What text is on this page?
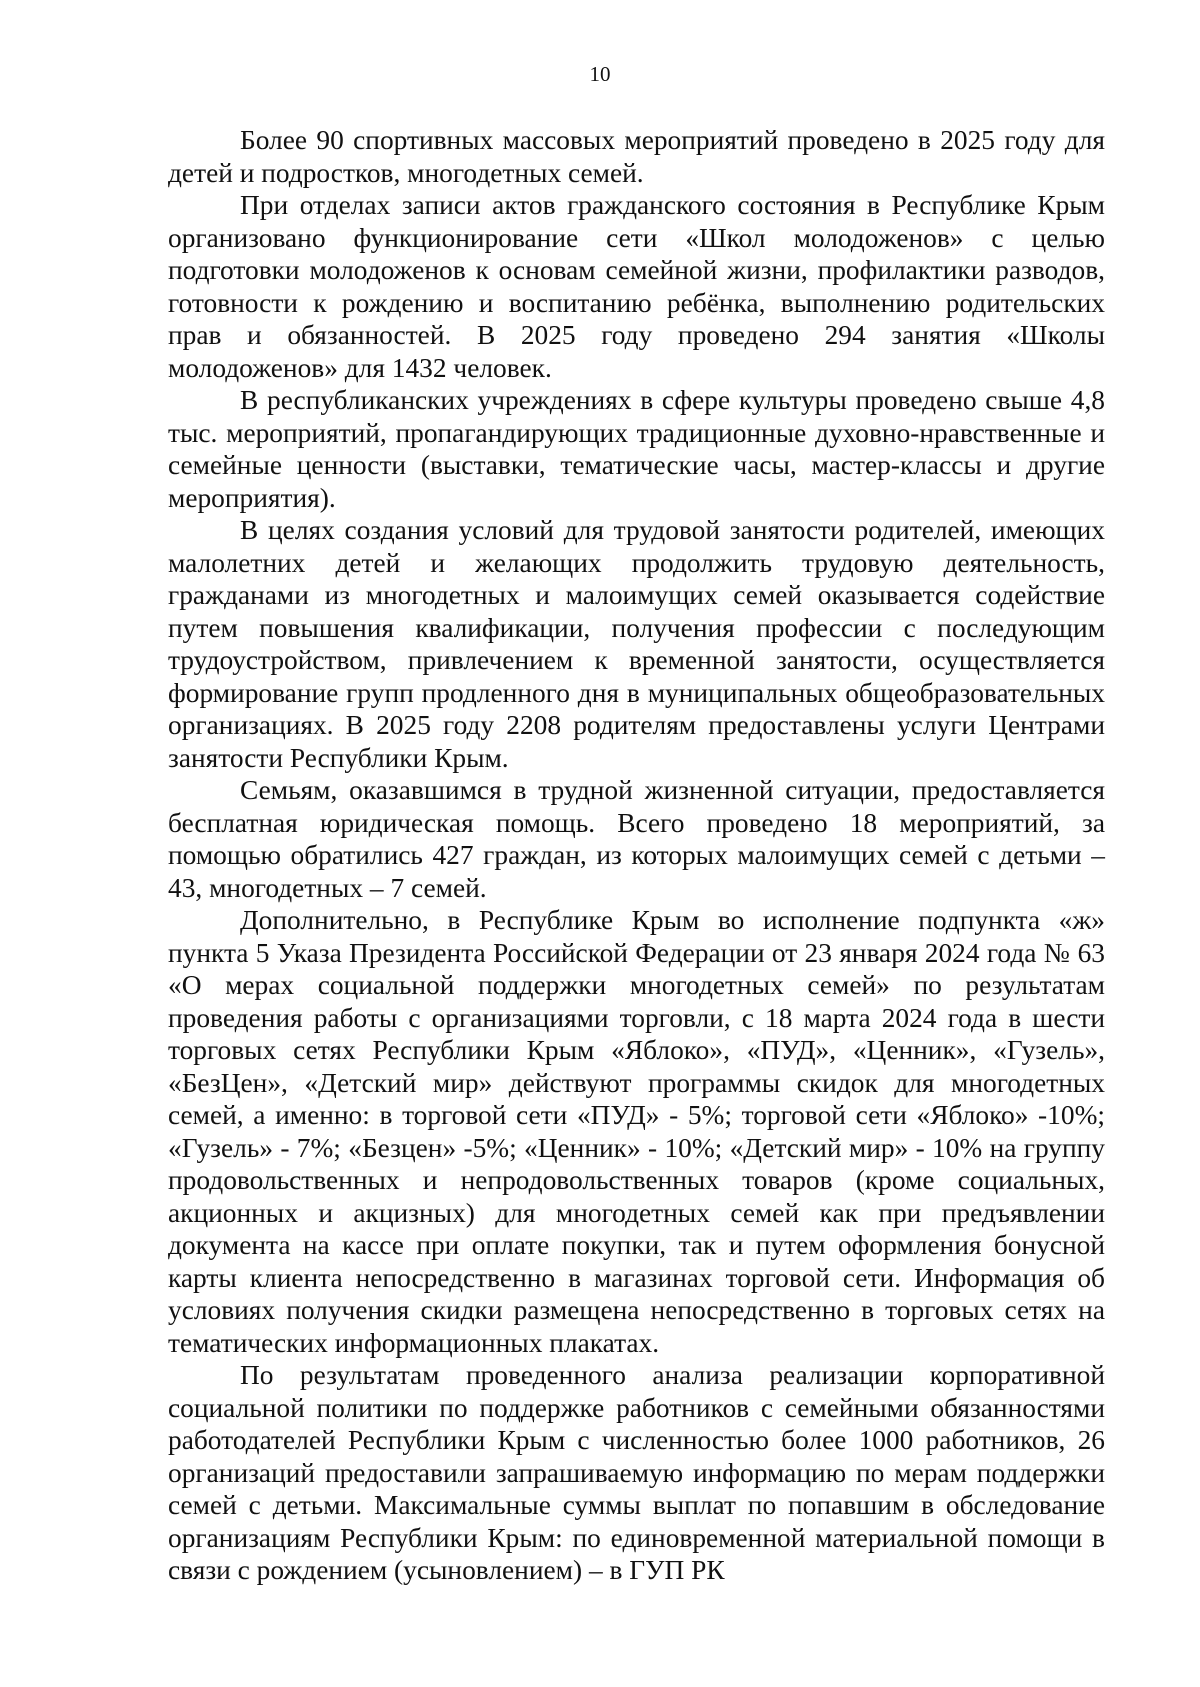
10

Более 90 спортивных массовых мероприятий проведено в 2025 году для детей и подростков, многодетных семей.

При отделах записи актов гражданского состояния в Республике Крым организовано функционирование сети «Школ молодоженов» с целью подготовки молодоженов к основам семейной жизни, профилактики разводов, готовности к рождению и воспитанию ребёнка, выполнению родительских прав и обязанностей. В 2025 году проведено 294 занятия «Школы молодоженов» для 1432 человек.

В республиканских учреждениях в сфере культуры проведено свыше 4,8 тыс. мероприятий, пропагандирующих традиционные духовно-нравственные и семейные ценности (выставки, тематические часы, мастер-классы и другие мероприятия).

В целях создания условий для трудовой занятости родителей, имеющих малолетних детей и желающих продолжить трудовую деятельность, гражданами из многодетных и малоимущих семей оказывается содействие путем повышения квалификации, получения профессии с последующим трудоустройством, привлечением к временной занятости, осуществляется формирование групп продленного дня в муниципальных общеобразовательных организациях. В 2025 году 2208 родителям предоставлены услуги Центрами занятости Республики Крым.

Семьям, оказавшимся в трудной жизненной ситуации, предоставляется бесплатная юридическая помощь. Всего проведено 18 мероприятий, за помощью обратились 427 граждан, из которых малоимущих семей с детьми – 43, многодетных – 7 семей.

Дополнительно, в Республике Крым во исполнение подпункта «ж» пункта 5 Указа Президента Российской Федерации от 23 января 2024 года № 63 «О мерах социальной поддержки многодетных семей» по результатам проведения работы с организациями торговли, с 18 марта 2024 года в шести торговых сетях Республики Крым «Яблоко», «ПУД», «Ценник», «Гузель», «БезЦен», «Детский мир» действуют программы скидок для многодетных семей, а именно: в торговой сети «ПУД» - 5%; торговой сети «Яблоко» -10%; «Гузель» - 7%; «Безцен» -5%; «Ценник» - 10%; «Детский мир» - 10% на группу продовольственных и непродовольственных товаров (кроме социальных, акционных и акцизных) для многодетных семей как при предъявлении документа на кассе при оплате покупки, так и путем оформления бонусной карты клиента непосредственно в магазинах торговой сети. Информация об условиях получения скидки размещена непосредственно в торговых сетях на тематических информационных плакатах.

По результатам проведенного анализа реализации корпоративной социальной политики по поддержке работников с семейными обязанностями работодателей Республики Крым с численностью более 1000 работников, 26 организаций предоставили запрашиваемую информацию по мерам поддержки семей с детьми. Максимальные суммы выплат по попавшим в обследование организациям Республики Крым: по единовременной материальной помощи в связи с рождением (усыновлением) – в ГУП РК
